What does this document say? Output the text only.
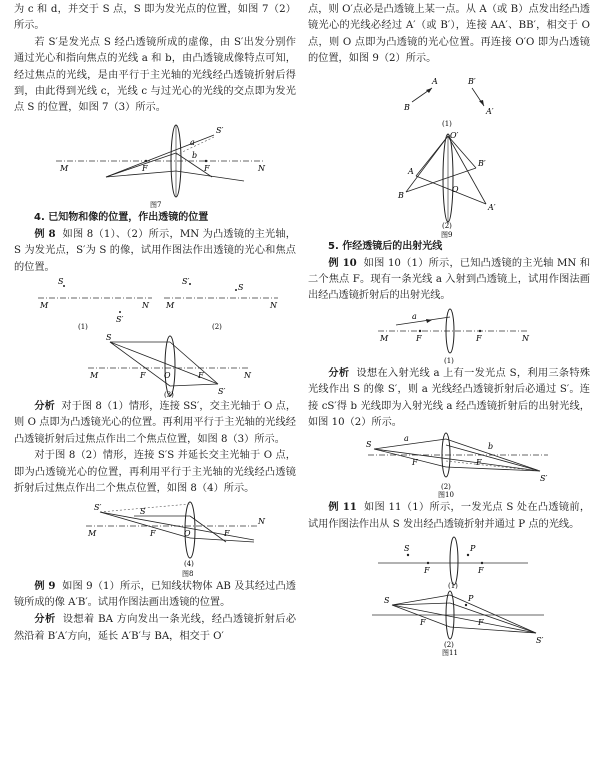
为 c 和 d，并交于 S 点，S 即为发光点的位置，如图 7（2）所示。

若 S′是发光点 S 经凸透镜所成的虚像，由 S′出发分别作通过光心和指向焦点的光线 a 和 b，由凸透镜成像特点可知，经过焦点的光线，是由平行于主光轴的光线经凸透镜折射后得到，由此得到光线 c，光线 c 与过光心的光线的交点即为发光点 S 的位置，如图 7（3）所示。

M	F	F	N
S′
a
b
图7

4. 已知物和像的位置，作出透镜的位置

例 8 如图 8（1）、（2）所示，MN 为凸透镜的主光轴，S 为发光点，S′为 S 的像，试用作图法作出透镜的光心和焦点的位置。

S
M	N
S′
(1)
S′
M	N
S
(2)
S
M	F O	F	N
S′
(3)

分析 对于图 8（1）情形，连接 SS′，交主光轴于 O 点，则 O 点即为凸透镜光心的位置。再利用平行于主光轴的光线经凸透镜折射后过焦点作出二个焦点位置，如图 8（3）所示。

对于图 8（2）情形，连接 S′S 并延长交主光轴于 O 点，即为凸透镜光心的位置，再利用平行于主光轴的光线经凸透镜折射后过焦点作出二个焦点位置，如图 8（4）所示。

S′	S
M	F	O	F
N
(4)
图8

例 9 如图 9（1）所示，已知线状物体 AB 及其经过凸透镜所成的像 A′B′。试用作图法画出透镜的位置。

分析 设想着 BA 方向发出一条光线，经凸透镜折射后必然沿着 B′A′方向，延长 A′B′与 BA，相交于 O′

点，则 O′点必是凸透镜上某一点。从 A（或 B）点发出经凸透镜光心的光线必经过 A′（或 B′），连接 AA′、BB′，相交于 O 点，则 O 点即为凸透镜的光心位置。再连接 O′O 即为凸透镜的位置，如图 9（2）所示。

A
B
B′
A′
(1)
O′
A
B
O
B′
A′
(2)
图9

5. 作经透镜后的出射光线

例 10 如图 10（1）所示，已知凸透镜的主光轴 MN 和二个焦点 F。现有一条光线 a 入射到凸透镜上，试用作图法画出经凸透镜折射后的出射光线。

M
a
F	F	N
(1)

分析 设想在入射光线 a 上有一发光点 S，利用三条特殊光线作出 S 的像 S′，则 a 光线经凸透镜折射后必通过 S′。连接 cS′得 b 光线即为入射光线 a 经凸透镜折射后的出射光线，如图 10（2）所示。

S
a
F	F
b
S′
(2)
图10

例 11 如图 11（1）所示，一发光点 S 处在凸透镜前，试用作图法作出从 S 发出经凸透镜折射并通过 P 点的光线。

S	P
F	F
(1)
S	P
F	F
S′
(2)
图11
